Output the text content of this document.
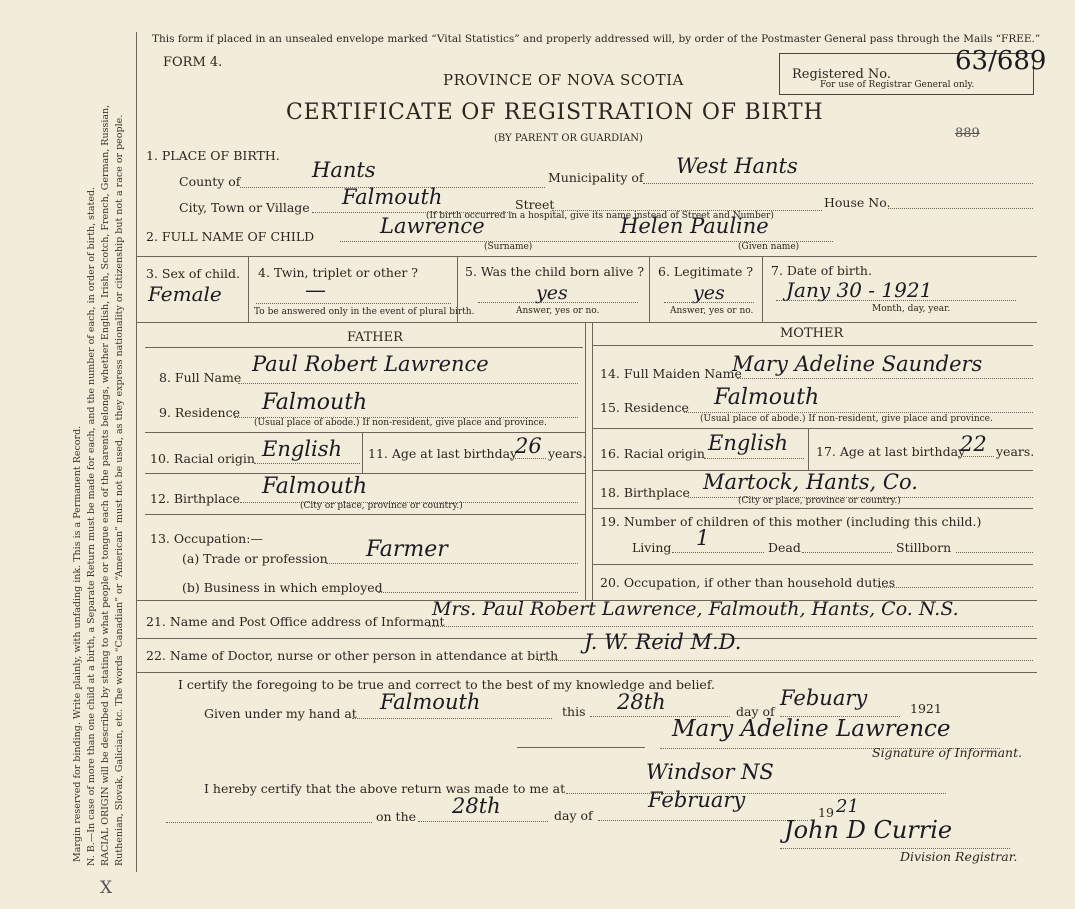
Margin reserved for binding. Write plainly, with unfading ink. This is a Permanent Record. N. B.—In case of more than one child at a birth, a Separate Return must be made for each, and the number of each, in order of birth, stated. RACIAL ORIGIN will be described by stating to what people or tongue each of the parents belongs, whether English, Irish, Scotch, French, German, Russian, Ruthenian, Slovak, Galician, etc. The words “Canadian” or “American” must not be used, as they express nationality or citizenship but not a race or people.
X
This form if placed in an unsealed envelope marked “Vital Statistics” and properly addressed will, by order of the Postmaster General pass through the Mails “FREE.”
FORM 4.
PROVINCE OF NOVA SCOTIA
CERTIFICATE OF REGISTRATION OF BIRTH
(BY PARENT OR GUARDIAN)
Registered No.
For use of Registrar General only.
63/689
889
1. PLACE OF BIRTH.
County of	Hants	Municipality of West Hants
City, Town or Village Falmouth	Street	House No.
(If birth occurred in a hospital, give its name instead of Street and Number)
2. FULL NAME OF CHILD	Lawrence	Helen Pauline
(Surname)	(Given name)
3. Sex of child.
Female
4. Twin, triplet or other ?
—
To be answered only in the event of plural birth.
5. Was the child born alive ?
yes
Answer, yes or no.
6. Legitimate ?
yes
Answer, yes or no.
7. Date of birth.
Jany 30 - 1921
Month, day, year.
FATHER	MOTHER
8. Full Name
Paul Robert Lawrence
9. Residence Falmouth
(Usual place of abode.) If non-resident, give place and province.
10. Racial origin English 11. Age at last birthday
26 years.
12. Birthplace Falmouth
(City or place, province or country.)
13. Occupation:—
(a) Trade or profession Farmer
(b) Business in which employed
14. Full Maiden Name
Mary Adeline Saunders
15. Residence Falmouth
(Usual place of abode.) If non-resident, give place and province.
16. Racial origin English 17. Age at last birthday
22 years.
18. Birthplace Martock, Hants, Co.
(City or place, province or country.)
19. Number of children of this mother (including this child.)
Living 1	Dead	Stillborn
20. Occupation, if other than household duties
21. Name and Post Office address of Informant
Mrs. Paul Robert Lawrence, Falmouth, Hants, Co. N.S.
22. Name of Doctor, nurse or other person in attendance at birth
J. W. Reid M.D.
I certify the foregoing to be true and correct to the best of my knowledge and belief.
Given under my hand at Falmouth	this 28th	day of
Febuary	1921
Mary Adeline Lawrence
Signature of Informant.
I hereby certify that the above return was made to me at
Windsor NS
on the 28th	day of
February
19 21
John D Currie
Division Registrar.
